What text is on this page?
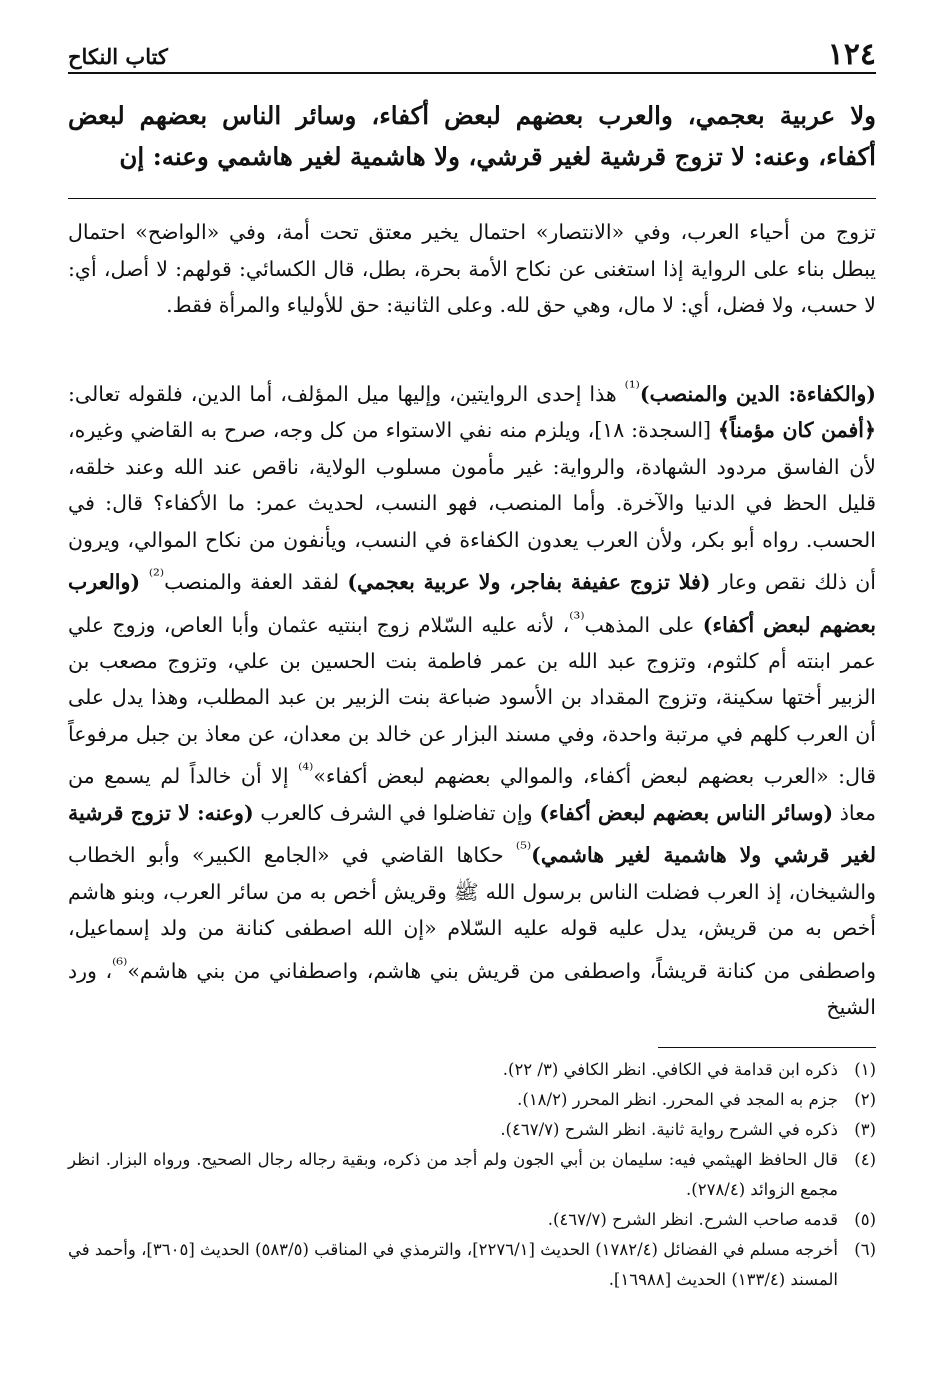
١٢٤
كتاب النكاح

ولا عربية بعجمي، والعرب بعضهم لبعض أكفاء، وسائر الناس بعضهم لبعض أكفاء، وعنه: لا تزوج قرشية لغير قرشي، ولا هاشمية لغير هاشمي وعنه: إن

تزوج من أحياء العرب، وفي «الانتصار» احتمال يخير معتق تحت أمة، وفي «الواضح» احتمال يبطل بناء على الرواية إذا استغنى عن نكاح الأمة بحرة، بطل، قال الكسائي: قولهم: لا أصل، أي: لا حسب، ولا فضل، أي: لا مال، وهي حق لله. وعلى الثانية: حق للأولياء والمرأة فقط.

(والكفاءة: الدين والمنصب)$^{^{(1)}}$ هذا إحدى الروايتين، وإليها ميل المؤلف، أما الدين، فلقوله تعالى: ﴿أفمن كان مؤمناً﴾ [السجدة: ١٨]، ويلزم منه نفي الاستواء من كل وجه، صرح به القاضي وغيره، لأن الفاسق مردود الشهادة، والرواية: غير مأمون مسلوب الولاية، ناقص عند الله وعند خلقه، قليل الحظ في الدنيا والآخرة. وأما المنصب، فهو النسب، لحديث عمر: ما الأكفاء؟ قال: في الحسب. رواه أبو بكر، ولأن العرب يعدون الكفاءة في النسب، ويأنفون من نكاح الموالي، ويرون أن ذلك نقص وعار (فلا تزوج عفيفة بفاجر، ولا عربية بعجمي) لفقد العفة والمنصب$^{^{(2)}}$ (والعرب بعضهم لبعض أكفاء) على المذهب$^{^{(3)}}$، لأنه عليه السّلام زوج ابنتيه عثمان وأبا العاص، وزوج علي عمر ابنته أم كلثوم، وتزوج عبد الله بن عمر فاطمة بنت الحسين بن علي، وتزوج مصعب بن الزبير أختها سكينة، وتزوج المقداد بن الأسود ضباعة بنت الزبير بن عبد المطلب، وهذا يدل على أن العرب كلهم في مرتبة واحدة، وفي مسند البزار عن خالد بن معدان، عن معاذ بن جبل مرفوعاً قال: «العرب بعضهم لبعض أكفاء، والموالي بعضهم لبعض أكفاء»$^{^{(4)}}$ إلا أن خالداً لم يسمع من معاذ (وسائر الناس بعضهم لبعض أكفاء) وإن تفاضلوا في الشرف كالعرب (وعنه: لا تزوج قرشية لغير قرشي ولا هاشمية لغير هاشمي)$^{^{(5)}}$ حكاها القاضي في «الجامع الكبير» وأبو الخطاب والشيخان، إذ العرب فضلت الناس برسول الله ﷺ وقريش أخص به من سائر العرب، وبنو هاشم أخص به من قريش، يدل عليه قوله عليه السّلام «إن الله اصطفى كنانة من ولد إسماعيل، واصطفى من كنانة قريشاً، واصطفى من قريش بني هاشم، واصطفاني من بني هاشم»$^{^{(6)}}$، ورد الشيخ

(١)
ذكره ابن قدامة في الكافي. انظر الكافي (٣/ ٢٢).
(٢)
جزم به المجد في المحرر. انظر المحرر (١٨/٢).
(٣)
ذكره في الشرح رواية ثانية. انظر الشرح (٤٦٧/٧).
(٤)
قال الحافظ الهيثمي فيه: سليمان بن أبي الجون ولم أجد من ذكره، وبقية رجاله رجال الصحيح. ورواه البزار. انظر مجمع الزوائد (٢٧٨/٤).
(٥)
قدمه صاحب الشرح. انظر الشرح (٤٦٧/٧).
(٦)
أخرجه مسلم في الفضائل (١٧٨٢/٤) الحديث [٢٢٧٦/١]، والترمذي في المناقب (٥٨٣/٥) الحديث [٣٦٠٥]، وأحمد في المسند (١٣٣/٤) الحديث [١٦٩٨٨].
